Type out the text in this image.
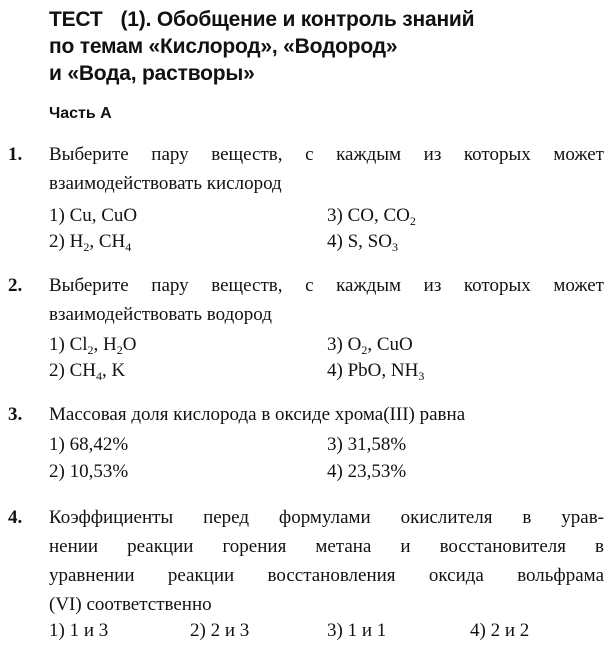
ТЕСТ (1). Обобщение и контроль знаний
по темам «Кислород», «Водород»
и «Вода, растворы»
Часть А
1. Выберите пару веществ, с каждым из которых может
взаимодействовать кислород
1) Cu, CuO	3) CO, $CO_2$
2) $H_2$, $CH_4$	4) S, $SO_3$
2. Выберите пару веществ, с каждым из которых может
взаимодействовать водород
1) $Cl_2$, $H_2O$	3) $O_2$, CuO
2) $CH_4$, K	4) PbO, $NH_3$
3. Массовая доля кислорода в оксиде хрома(III) равна
1) 68,42%	3) 31,58%
2) 10,53%	4) 23,53%
4. Коэффициенты перед формулами окислителя в урав-
нении реакции горения метана и восстановителя в
уравнении реакции восстановления оксида вольфрама
(VI) соответственно
1) 1 и 3	2) 2 и 3	3) 1 и 1	4) 2 и 2
